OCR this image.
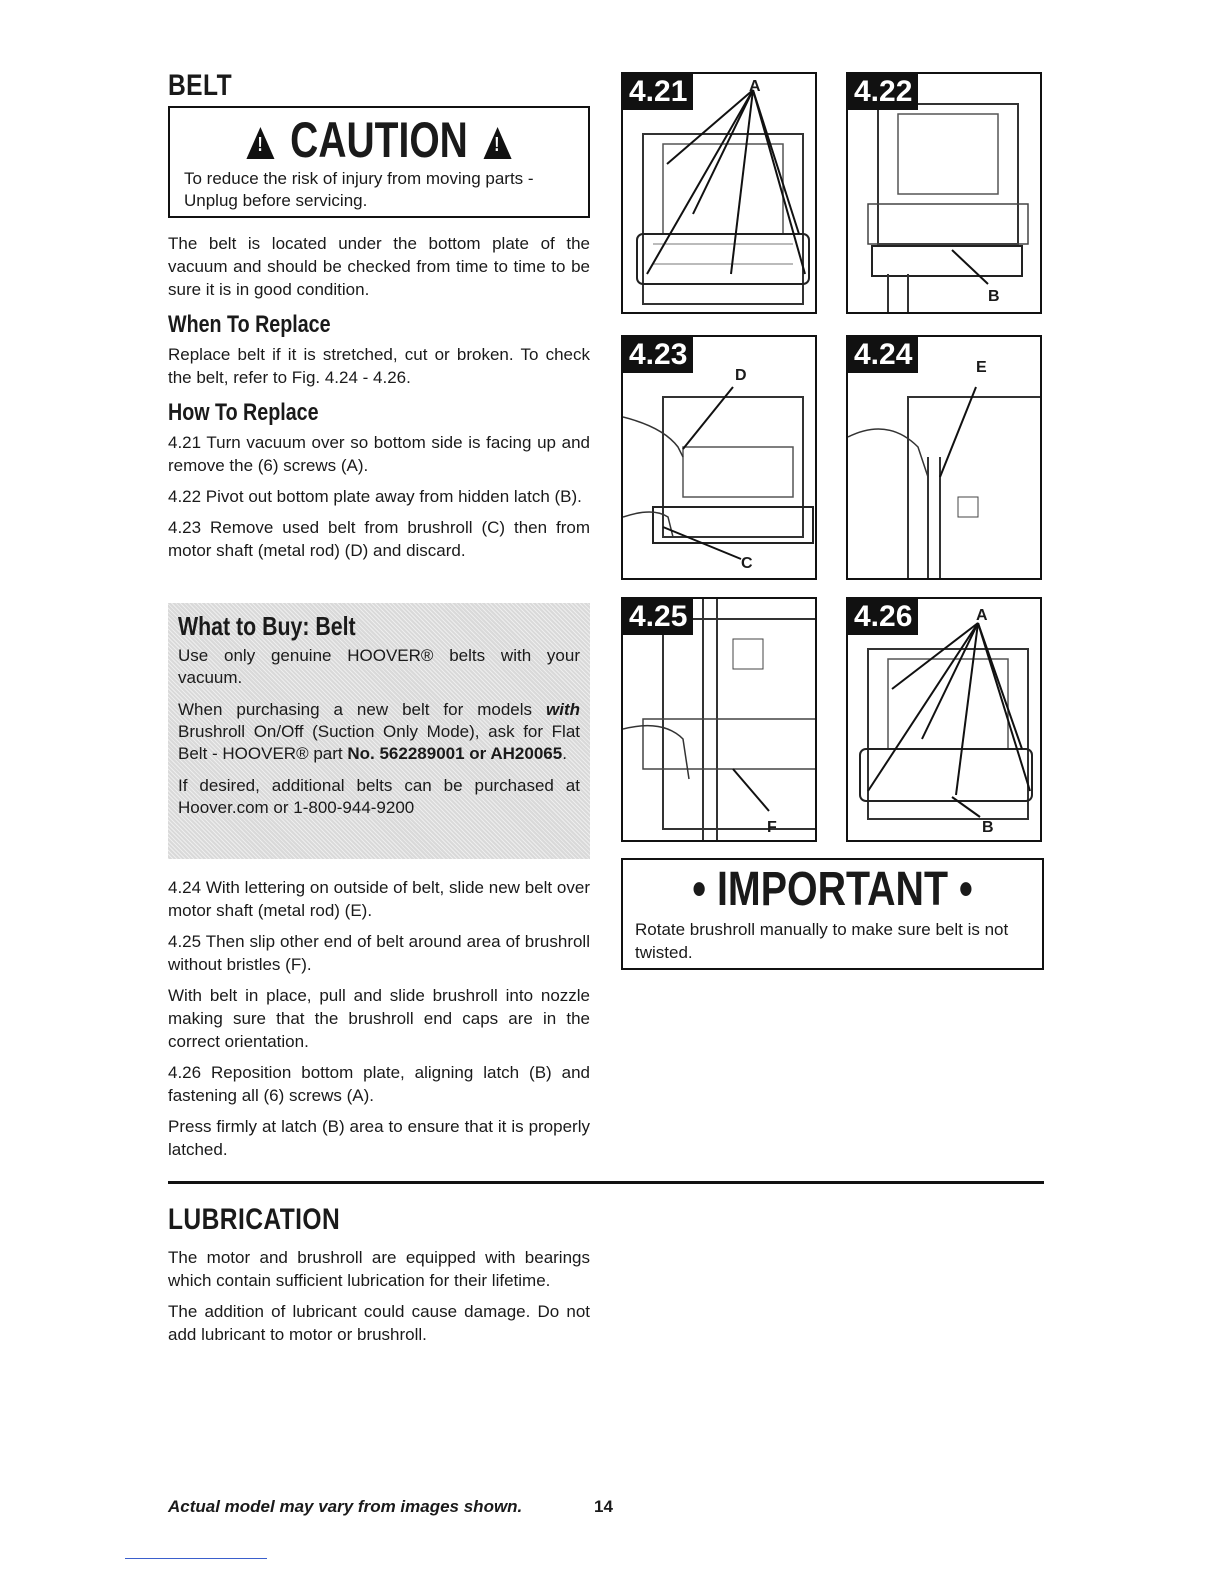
BELT
! CAUTION !
To reduce the risk of injury from moving parts - Unplug before servicing.

The belt is located under the bottom plate of the vacuum and should be checked from time to time to be sure it is in good condition.

When To Replace

Replace belt if it is stretched, cut or broken. To check the belt, refer to Fig. 4.24 - 4.26.

How To Replace

4.21 Turn vacuum over so bottom side is facing up and remove the (6) screws (A).

4.22 Pivot out bottom plate away from hidden latch (B).

4.23 Remove used belt from brushroll (C) then from motor shaft (metal rod) (D) and discard.

What to Buy: Belt

Use only genuine HOOVER® belts with your vacuum.

When purchasing a new belt for models with Brushroll On/Off (Suction Only Mode), ask for Flat Belt - HOOVER® part No. 562289001 or AH20065.

If desired, additional belts can be purchased at Hoover.com or 1-800-944-9200

4.24 With lettering on outside of belt, slide new belt over motor shaft (metal rod) (E).

4.25 Then slip other end of belt around area of brushroll without bristles (F).

With belt in place, pull and slide brushroll into nozzle making sure that the brushroll end caps are in the correct orientation.

4.26 Reposition bottom plate, aligning latch (B) and fastening all (6) screws (A).

Press firmly at latch (B) area to ensure that it is properly latched.

4.21	A	4.22
B
4.23
D
C
4.24	E
4.25
F
4.26	A
B
• IMPORTANT •
Rotate brushroll manually to make sure belt is not twisted.
LUBRICATION

The motor and brushroll are equipped with bearings which contain sufficient lubrication for their lifetime.

The addition of lubricant could cause damage. Do not add lubricant to motor or brushroll.

Actual model may vary from images shown.	14
